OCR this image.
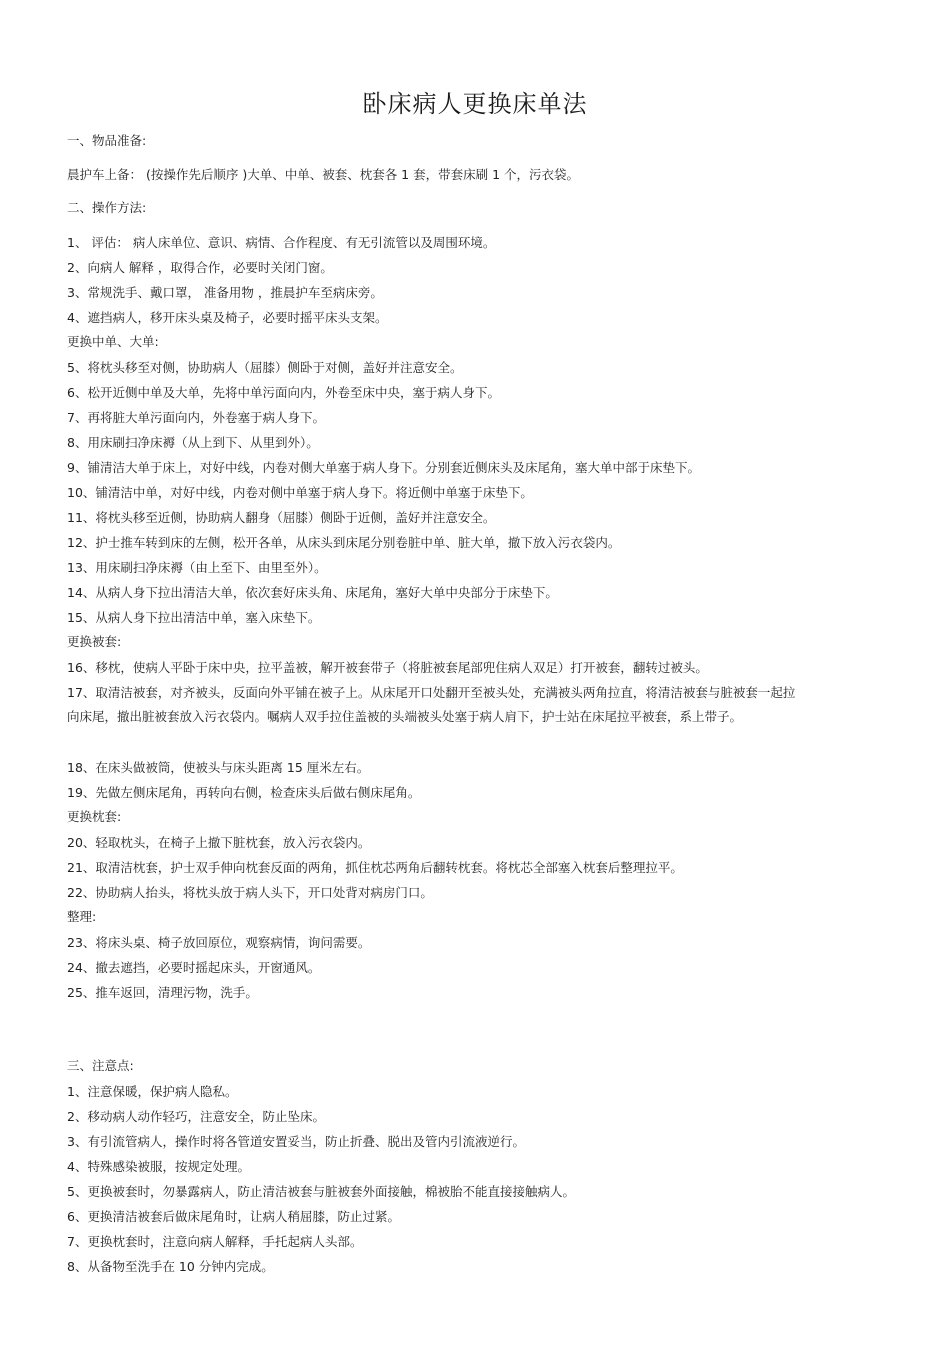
卧床病人更换床单法
一、物品准备:
晨护车上备： (按操作先后顺序 )大单、中单、被套、枕套各 1 套，带套床刷 1 个，污衣袋。
二、操作方法:
1、 评估： 病人床单位、意识、病情、合作程度、有无引流管以及周围环境。
2、向病人 解释 ，取得合作，必要时关闭门窗。
3、常规洗手、戴口罩， 准备用物 ，推晨护车至病床旁。
4、遮挡病人，移开床头桌及椅子，必要时摇平床头支架。
更换中单、大单:
5、将枕头移至对侧，协助病人（屈膝）侧卧于对侧，盖好并注意安全。
6、松开近侧中单及大单，先将中单污面向内，外卷至床中央，塞于病人身下。
7、再将脏大单污面向内，外卷塞于病人身下。
8、用床刷扫净床褥（从上到下、从里到外）。
9、铺清洁大单于床上，对好中线，内卷对侧大单塞于病人身下。分别套近侧床头及床尾角，塞大单中部于床垫下。
10、铺清洁中单，对好中线，内卷对侧中单塞于病人身下。将近侧中单塞于床垫下。
11、将枕头移至近侧，协助病人翻身（屈膝）侧卧于近侧，盖好并注意安全。
12、护士推车转到床的左侧，松开各单，从床头到床尾分别卷脏中单、脏大单，撤下放入污衣袋内。
13、用床刷扫净床褥（由上至下、由里至外）。
14、从病人身下拉出清洁大单，依次套好床头角、床尾角，塞好大单中央部分于床垫下。
15、从病人身下拉出清洁中单，塞入床垫下。
更换被套:
16、移枕，使病人平卧于床中央，拉平盖被，解开被套带子（将脏被套尾部兜住病人双足）打开被套，翻转过被头。
17、取清洁被套，对齐被头，反面向外平铺在被子上。从床尾开口处翻开至被头处，充满被头两角拉直，将清洁被套与脏被套一起拉向床尾，撤出脏被套放入污衣袋内。嘱病人双手拉住盖被的头端被头处塞于病人肩下，护士站在床尾拉平被套，系上带子。
18、在床头做被筒，使被头与床头距离 15 厘米左右。
19、先做左侧床尾角，再转向右侧，检查床头后做右侧床尾角。
更换枕套:
20、轻取枕头，在椅子上撤下脏枕套，放入污衣袋内。
21、取清洁枕套，护士双手伸向枕套反面的两角，抓住枕芯两角后翻转枕套。将枕芯全部塞入枕套后整理拉平。
22、协助病人抬头，将枕头放于病人头下，开口处背对病房门口。
整理:
23、将床头桌、椅子放回原位，观察病情，询问需要。
24、撤去遮挡，必要时摇起床头，开窗通风。
25、推车返回，清理污物，洗手。
三、注意点:
1、注意保暖，保护病人隐私。
2、移动病人动作轻巧，注意安全，防止坠床。
3、有引流管病人，操作时将各管道安置妥当，防止折叠、脱出及管内引流液逆行。
4、特殊感染被服，按规定处理。
5、更换被套时，勿暴露病人，防止清洁被套与脏被套外面接触，棉被胎不能直接接触病人。
6、更换清洁被套后做床尾角时，让病人稍屈膝，防止过紧。
7、更换枕套时，注意向病人解释，手托起病人头部。
8、从备物至洗手在 10 分钟内完成。
